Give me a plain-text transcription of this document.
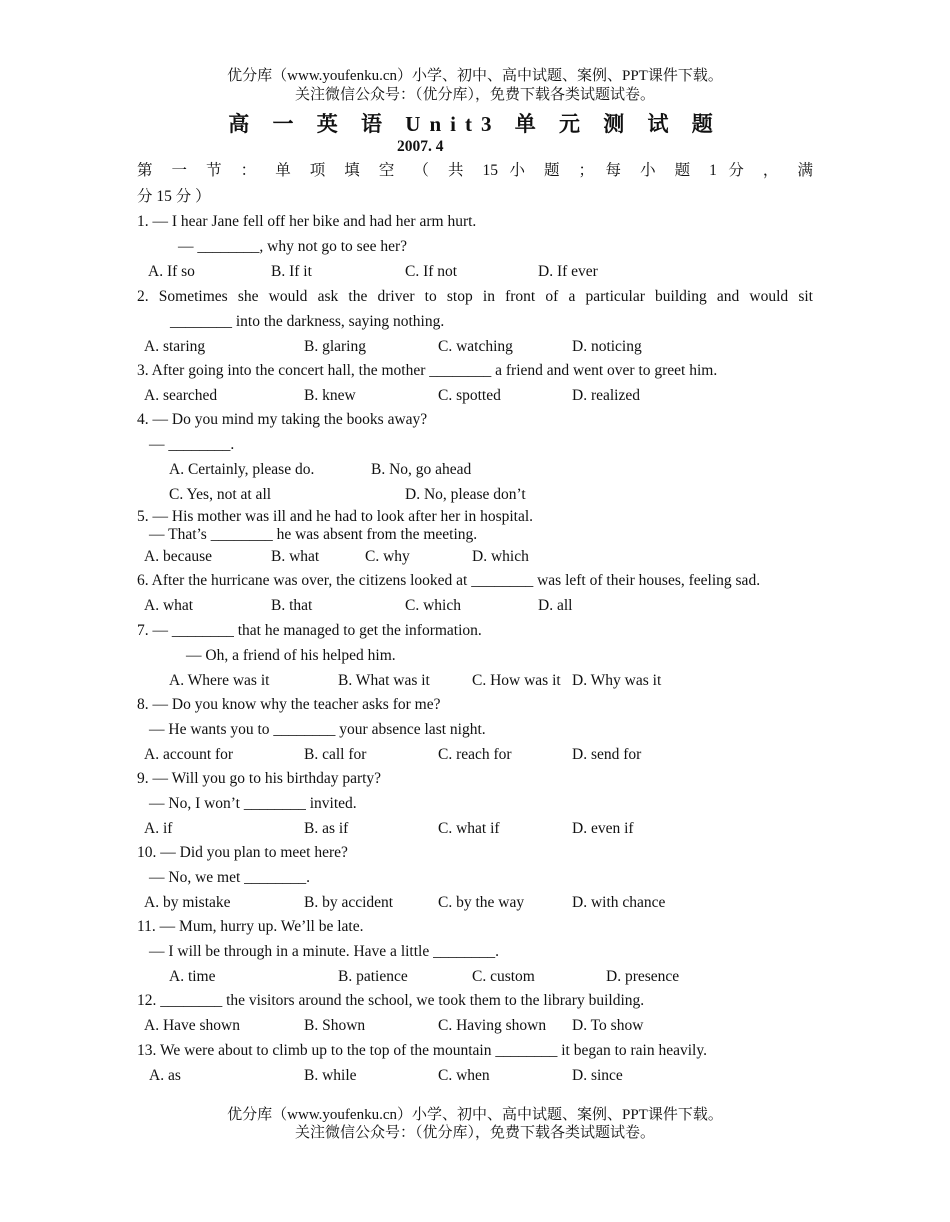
优分库（www.youfenku.cn）小学、初中、高中试题、案例、PPT课件下载。
关注微信公众号：（优分库），免费下载各类试题试卷。
高 一 英 语 Unit3 单 元 测 试 题
2007. 4
第 一 节 ： 单 项 填 空 （ 共 15 小 题 ； 每 小 题 1 分 ， 满
分 15 分 ）
1. — I hear Jane fell off her bike and had her arm hurt.
— ________, why not go to see her?
A. If so	B. If it	C. If not	D. If ever
2. Sometimes she would ask the driver to stop in front of a particular building and would sit
________ into the darkness, saying nothing.
A. staring	B. glaring	C. watching	D. noticing
3. After going into the concert hall, the mother ________ a friend and went over to greet him.
A. searched	B. knew	C. spotted	D. realized
4. — Do you mind my taking the books away?
— ________.
A. Certainly, please do.	B. No, go ahead
C. Yes, not at all	D. No, please don’t
5. — His mother was ill and he had to look after her in hospital.
— That’s ________ he was absent from the meeting.
A. because	B. what	C. why	D. which
6. After the hurricane was over, the citizens looked at ________ was left of their houses, feeling sad.
A. what	B. that	C. which	D. all
7. — ________ that he managed to get the information.
— Oh, a friend of his helped him.
A. Where was it	B. What was it	C. How was it D. Why was it
8. — Do you know why the teacher asks for me?
— He wants you to ________ your absence last night.
A. account for	B. call for	C. reach for	D. send for
9. — Will you go to his birthday party?
— No, I won’t ________ invited.
A. if	B. as if	C. what if	D. even if
10. — Did you plan to meet here?
— No, we met ________.
A. by mistake	B. by accident	C. by the way	D. with chance
11. — Mum, hurry up. We’ll be late.
— I will be through in a minute. Have a little ________.
A. time	B. patience	C. custom	D. presence
12. ________ the visitors around the school, we took them to the library building.
A. Have shown	B. Shown	C. Having shown D. To show
13. We were about to climb up to the top of the mountain ________ it began to rain heavily.
A. as	B. while	C. when	D. since
优分库（www.youfenku.cn）小学、初中、高中试题、案例、PPT课件下载。
关注微信公众号：（优分库），免费下载各类试题试卷。
